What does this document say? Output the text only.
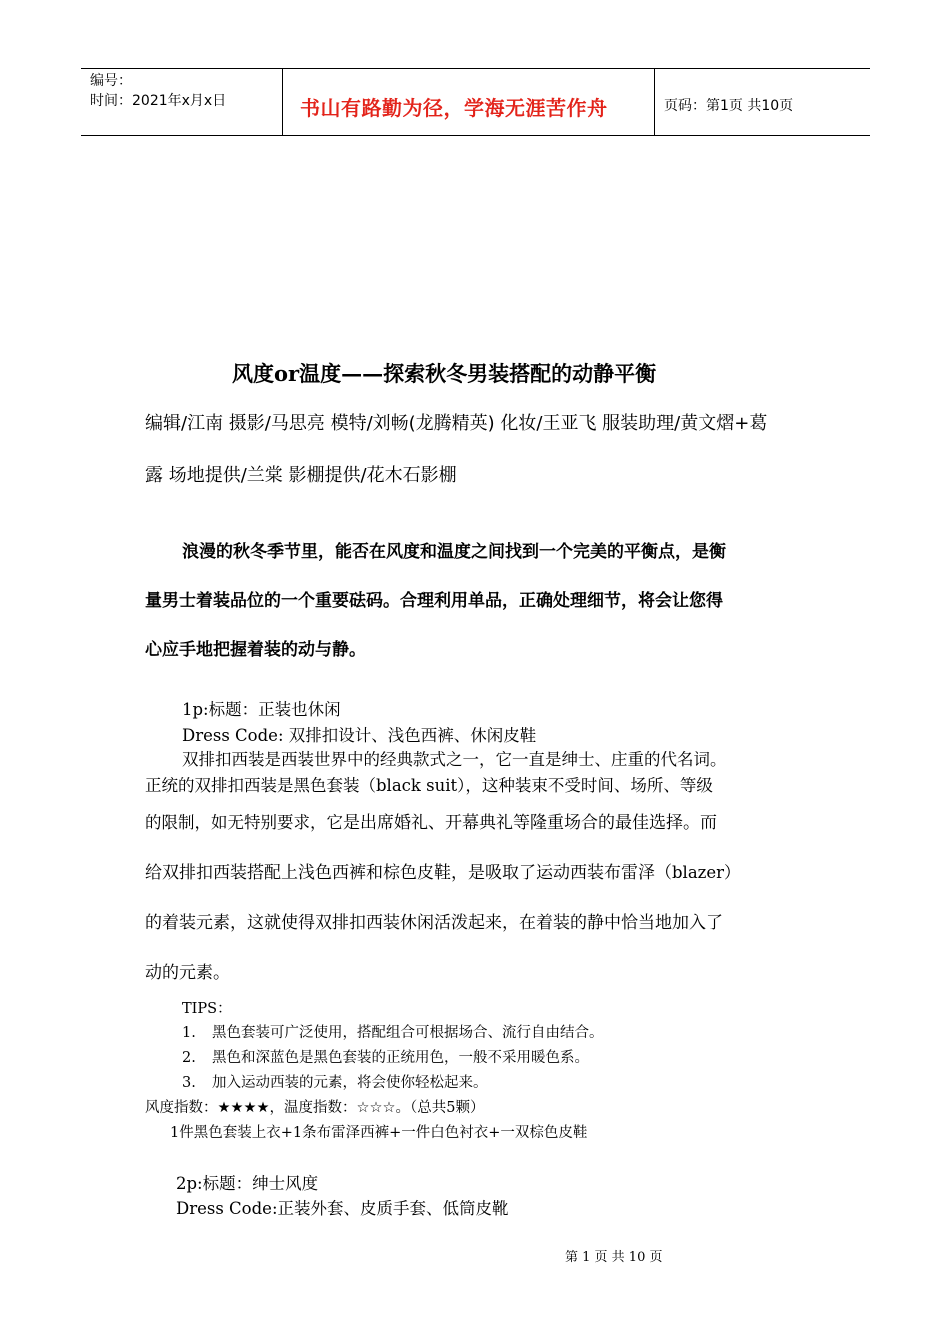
编号：
时间：2021年x月x日	书山有路勤为径，学海无涯苦作舟	页码：第1页 共10页
风度or温度——探索秋冬男装搭配的动静平衡
编辑/江南 摄影/马思亮 模特/刘畅(龙腾精英) 化妆/王亚飞 服装助理/黄文熠+葛
露 场地提供/兰棠 影棚提供/花木石影棚
浪漫的秋冬季节里，能否在风度和温度之间找到一个完美的平衡点，是衡
量男士着装品位的一个重要砝码。合理利用单品，正确处理细节，将会让您得
心应手地把握着装的动与静。
1p:标题：正装也休闲
Dress Code: 双排扣设计、浅色西裤、休闲皮鞋
双排扣西装是西装世界中的经典款式之一，它一直是绅士、庄重的代名词。
正统的双排扣西装是黑色套装（black suit），这种装束不受时间、场所、等级
的限制，如无特别要求，它是出席婚礼、开幕典礼等隆重场合的最佳选择。而
给双排扣西装搭配上浅色西裤和棕色皮鞋，是吸取了运动西装布雷泽（blazer）
的着装元素，这就使得双排扣西装休闲活泼起来，在着装的静中恰当地加入了
动的元素。
TIPS：
1. 黑色套装可广泛使用，搭配组合可根据场合、流行自由结合。
2. 黑色和深蓝色是黑色套装的正统用色，一般不采用暖色系。
3. 加入运动西装的元素，将会使你轻松起来。
风度指数：★★★★，温度指数：☆☆☆。（总共5颗）
1件黑色套装上衣+1条布雷泽西裤+一件白色衬衣+一双棕色皮鞋
2p:标题：绅士风度
Dress Code:正装外套、皮质手套、低筒皮靴
第 1 页 共 10 页
